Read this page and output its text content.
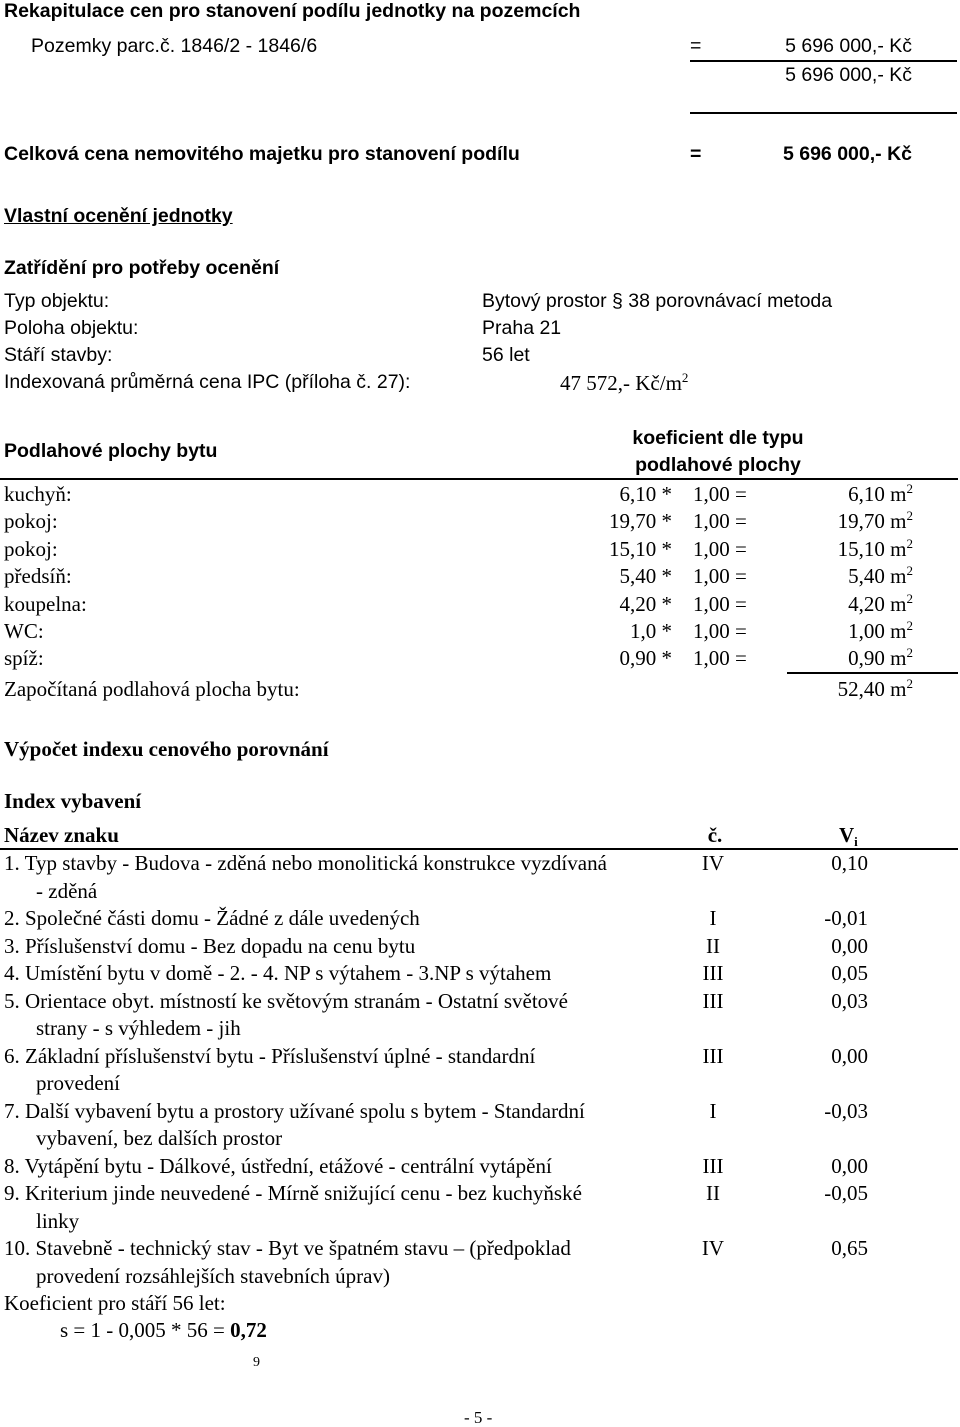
Rekapitulace cen pro stanovení podílu jednotky na pozemcích
Pozemky parc.č. 1846/2 - 1846/6	=	5 696 000,- Kč
5 696 000,- Kč
Celková cena nemovitého majetku pro stanovení podílu	=	5 696 000,- Kč
Vlastní ocenění jednotky
Zatřídění pro potřeby ocenění
Typ objektu:	Bytový prostor § 38 porovnávací metoda
Poloha objektu:	Praha 21
Stáří stavby:	56 let
Indexovaná průměrná cena IPC (příloha č. 27):	47 572,- $Kč/m^2$
Podlahové plochy bytu
koeficient dle typu
podlahové plochy
kuchyň:	6,10 * 1,00 =	6,10 $m^2$
pokoj:	19,70 * 1,00 =	19,70 $m^2$
pokoj:	15,10 * 1,00 =	15,10 $m^2$
předsíň:	5,40 * 1,00 =	5,40 $m^2$
koupelna:	4,20 * 1,00 =	4,20 $m^2$
WC:	1,0 * 1,00 =	1,00 $m^2$
spíž:	0,90 * 1,00 =	0,90 $m^2$
Započítaná podlahová plocha bytu:	52,40 $m^2$
Výpočet indexu cenového porovnání
Index vybavení
Název znaku	č.	$V_i$
1. Typ stavby - Budova - zděná nebo monolitická konstrukce vyzdívaná	IV	0,10
- zděná
2. Společné části domu - Žádné z dále uvedených	I	-0,01
3. Příslušenství domu - Bez dopadu na cenu bytu	II	0,00
4. Umístění bytu v domě - 2. - 4. NP s výtahem - 3.NP s výtahem	III	0,05
5. Orientace obyt. místností ke světovým stranám - Ostatní světové	III	0,03
strany - s výhledem - jih
6. Základní příslušenství bytu - Příslušenství úplné - standardní	III	0,00
provedení
7. Další vybavení bytu a prostory užívané spolu s bytem - Standardní	I	-0,03
vybavení, bez dalších prostor
8. Vytápění bytu - Dálkové, ústřední, etážové - centrální vytápění	III	0,00
9. Kriterium jinde neuvedené - Mírně snižující cenu - bez kuchyňské	II	-0,05
linky
10. Stavebně - technický stav - Byt ve špatném stavu – (předpoklad	IV	0,65
provedení rozsáhlejších stavebních úprav)
Koeficient pro stáří 56 let:
s = 1 - 0,005 * 56 = 0,72
9
- 5 -
